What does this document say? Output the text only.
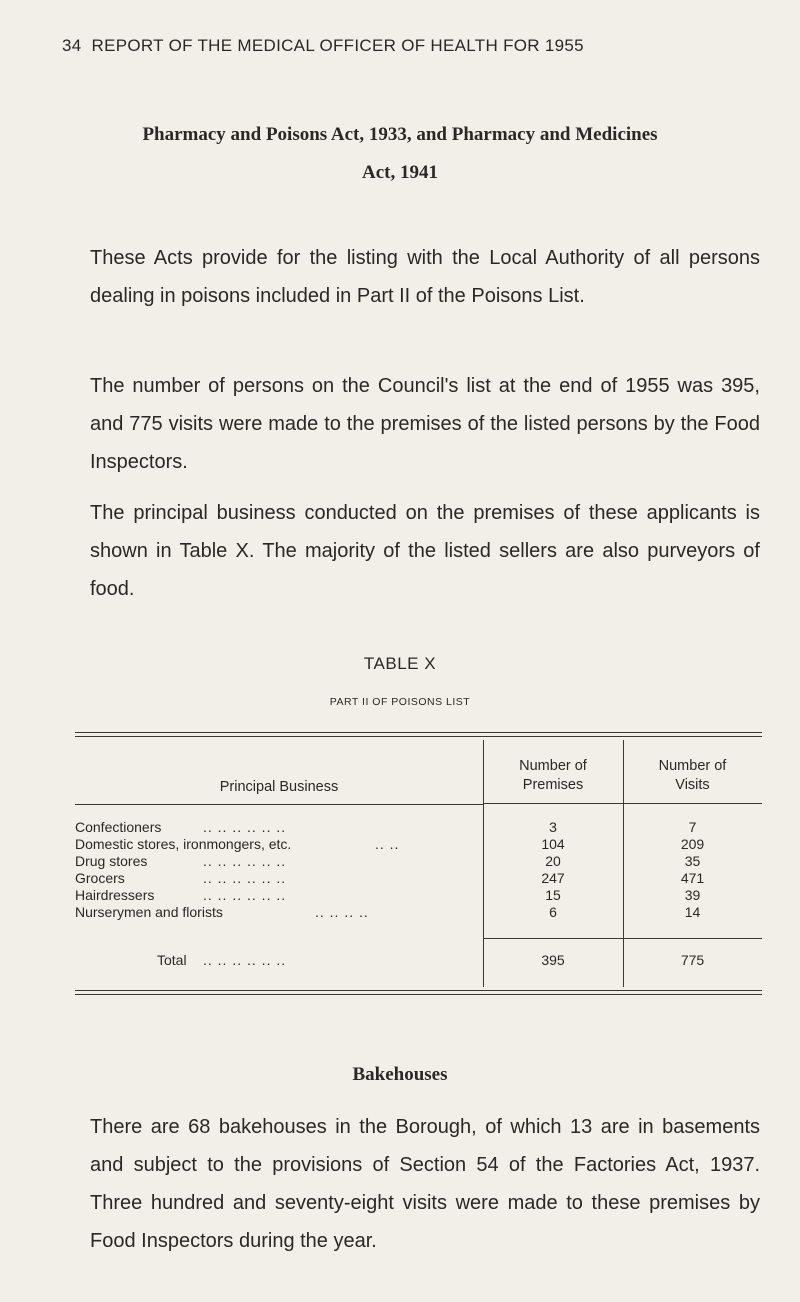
34 REPORT OF THE MEDICAL OFFICER OF HEALTH FOR 1955
Pharmacy and Poisons Act, 1933, and Pharmacy and Medicines
Act, 1941
These Acts provide for the listing with the Local Authority of all persons dealing in poisons included in Part II of the Poisons List.
The number of persons on the Council's list at the end of 1955 was 395, and 775 visits were made to the premises of the listed persons by the Food Inspectors.
The principal business conducted on the premises of these applicants is shown in Table X. The majority of the listed sellers are also purveyors of food.
TABLE X
PART II OF POISONS LIST
Principal Business
Number of
Premises
Number of
Visits
Confectioners	.. .. .. .. .. ..	3	7
Domestic stores, ironmongers, etc.	.. ..	104	209
Drug stores	.. .. .. .. .. ..	20	35
Grocers	.. .. .. .. .. ..	247	471
Hairdressers	.. .. .. .. .. ..	15	39
Nurserymen and florists	.. .. .. ..	6	14
Total .. .. .. .. .. ..	395	775
Bakehouses
There are 68 bakehouses in the Borough, of which 13 are in basements and subject to the provisions of Section 54 of the Factories Act, 1937. Three hundred and seventy-eight visits were made to these premises by Food Inspectors during the year.
